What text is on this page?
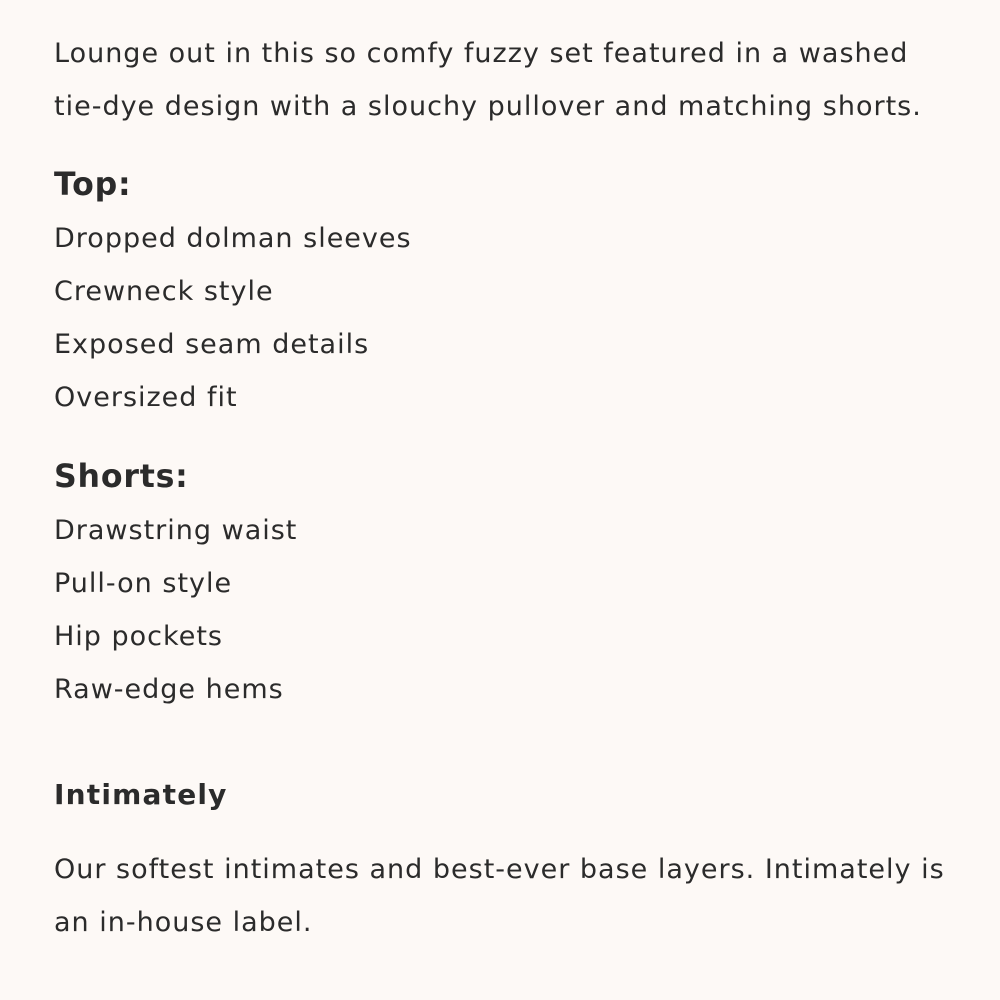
Lounge out in this so comfy fuzzy set featured in a washed tie-dye design with a slouchy pullover and matching shorts.

Top:
Dropped dolman sleeves
Crewneck style
Exposed seam details
Oversized fit
Shorts:
Drawstring waist
Pull-on style
Hip pockets
Raw-edge hems
Intimately

Our softest intimates and best-ever base layers. Intimately is an in-house label.
